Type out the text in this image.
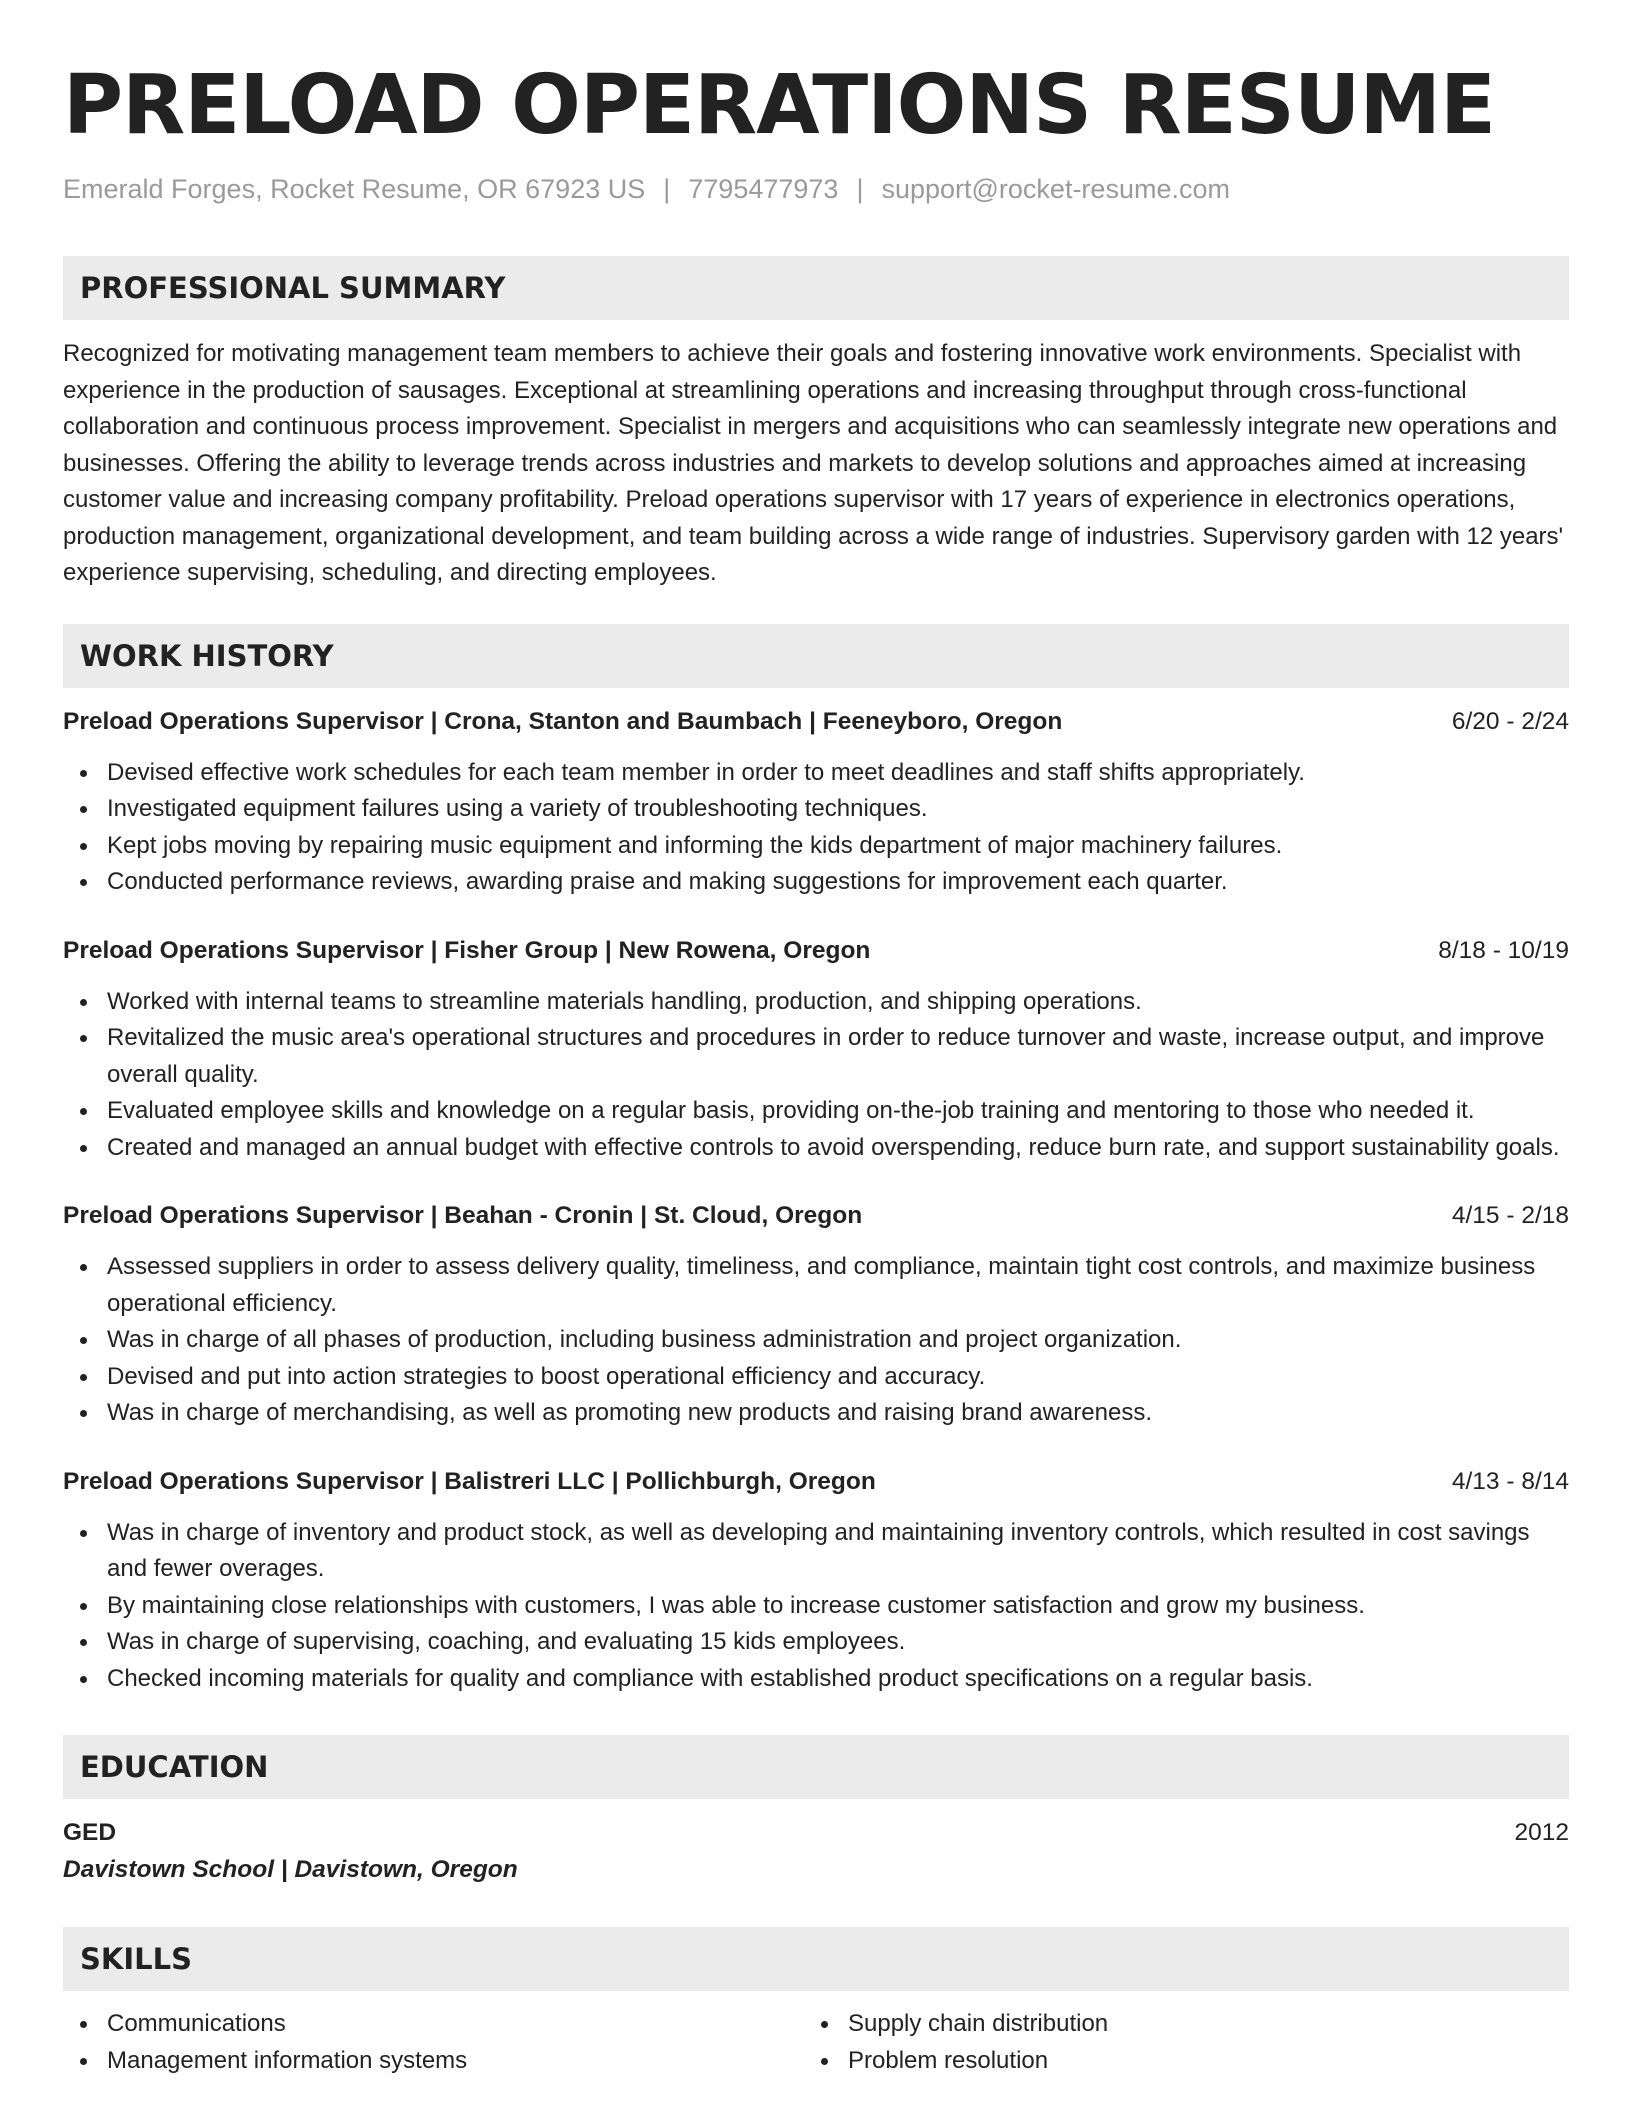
PRELOAD OPERATIONS RESUME
Emerald Forges, Rocket Resume, OR 67923 US | 7795477973 | support@rocket-resume.com
PROFESSIONAL SUMMARY

Recognized for motivating management team members to achieve their goals and fostering innovative work environments. Specialist with experience in the production of sausages. Exceptional at streamlining operations and increasing throughput through cross-functional collaboration and continuous process improvement. Specialist in mergers and acquisitions who can seamlessly integrate new operations and businesses. Offering the ability to leverage trends across industries and markets to develop solutions and approaches aimed at increasing customer value and increasing company profitability. Preload operations supervisor with 17 years of experience in electronics operations, production management, organizational development, and team building across a wide range of industries. Supervisory garden with 12 years' experience supervising, scheduling, and directing employees.

WORK HISTORY
Preload Operations Supervisor | Crona, Stanton and Baumbach | Feeneyboro, Oregon	6/20 - 2/24
Devised effective work schedules for each team member in order to meet deadlines and staff shifts appropriately.
Investigated equipment failures using a variety of troubleshooting techniques.
Kept jobs moving by repairing music equipment and informing the kids department of major machinery failures.
Conducted performance reviews, awarding praise and making suggestions for improvement each quarter.
Preload Operations Supervisor | Fisher Group | New Rowena, Oregon	8/18 - 10/19
Worked with internal teams to streamline materials handling, production, and shipping operations.
Revitalized the music area's operational structures and procedures in order to reduce turnover and waste, increase output, and improve overall quality.
Evaluated employee skills and knowledge on a regular basis, providing on-the-job training and mentoring to those who needed it.
Created and managed an annual budget with effective controls to avoid overspending, reduce burn rate, and support sustainability goals.
Preload Operations Supervisor | Beahan - Cronin | St. Cloud, Oregon	4/15 - 2/18
Assessed suppliers in order to assess delivery quality, timeliness, and compliance, maintain tight cost controls, and maximize business operational efficiency.
Was in charge of all phases of production, including business administration and project organization.
Devised and put into action strategies to boost operational efficiency and accuracy.
Was in charge of merchandising, as well as promoting new products and raising brand awareness.
Preload Operations Supervisor | Balistreri LLC | Pollichburgh, Oregon	4/13 - 8/14
Was in charge of inventory and product stock, as well as developing and maintaining inventory controls, which resulted in cost savings and fewer overages.
By maintaining close relationships with customers, I was able to increase customer satisfaction and grow my business.
Was in charge of supervising, coaching, and evaluating 15 kids employees.
Checked incoming materials for quality and compliance with established product specifications on a regular basis.
EDUCATION
GED	2012
Davistown School | Davistown, Oregon
SKILLS
Communications
Management information systems
Supply chain distribution
Problem resolution
